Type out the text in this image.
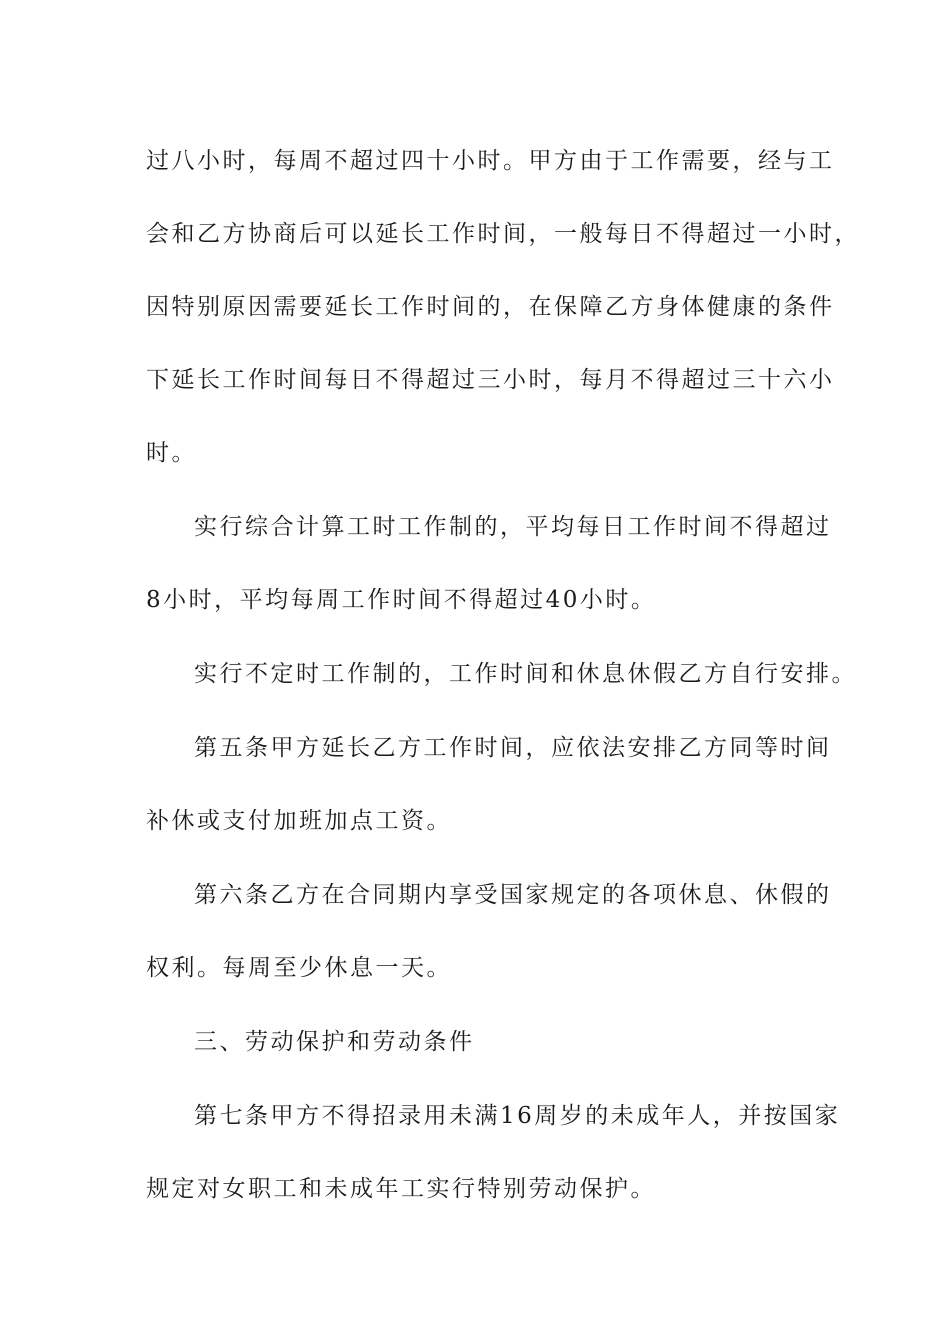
过八小时，每周不超过四十小时。甲方由于工作需要，经与工
会和乙方协商后可以延长工作时间，一般每日不得超过一小时，
因特别原因需要延长工作时间的，在保障乙方身体健康的条件
下延长工作时间每日不得超过三小时，每月不得超过三十六小
时。
实行综合计算工时工作制的，平均每日工作时间不得超过
8小时，平均每周工作时间不得超过40小时。
实行不定时工作制的，工作时间和休息休假乙方自行安排。
第五条甲方延长乙方工作时间，应依法安排乙方同等时间
补休或支付加班加点工资。
第六条乙方在合同期内享受国家规定的各项休息、休假的
权利。每周至少休息一天。
三、劳动保护和劳动条件
第七条甲方不得招录用未满16周岁的未成年人，并按国家
规定对女职工和未成年工实行特别劳动保护。
